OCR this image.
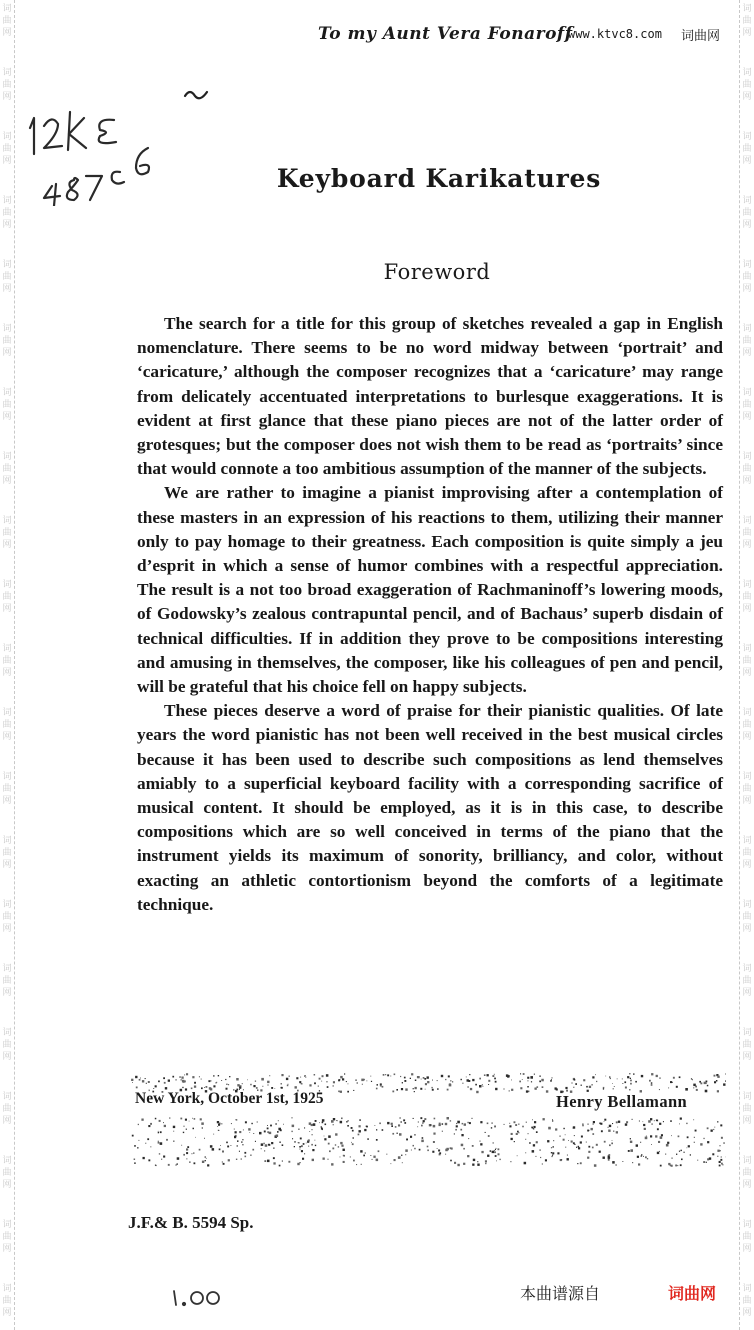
词
曲
网
词
曲
网
词
曲
网
词
曲
网
词
曲
网
词
曲
网
词
曲
网
词
曲
网
词
曲
网
词
曲
网
词
曲
网
词
曲
网
词
曲
网
词
曲
网
词
曲
网
词
曲
网
词
曲
网
词
曲
网
词
曲
网
词
曲
网
词
曲
网
词
曲
网
词
曲
网
词
曲
网
词
曲
网
词
曲
网
词
曲
网
词
曲
网
词
曲
网
词
曲
网
词
曲
网
词
曲
网
词
曲
网
词
曲
网
词
曲
网
词
曲
网
词
曲
网
词
曲
网
词
曲
网
词
曲
网
词
曲
网
词
曲
网
To my Aunt Vera Fonaroff
www.ktvc8.com 词曲网
Keyboard Karikatures
Foreword

The search for a title for this group of sketches revealed a gap in English nomenclature. There seems to be no word midway between ‘portrait’ and ‘caricature,’ although the composer recognizes that a ‘caricature’ may range from delicately accentuated interpretations to burlesque exaggerations. It is evident at first glance that these piano pieces are not of the latter order of grotesques; but the composer does not wish them to be read as ‘portraits’ since that would connote a too ambitious assumption of the manner of the subjects.

We are rather to imagine a pianist improvising after a contemplation of these masters in an expression of his reactions to them, utilizing their manner only to pay homage to their greatness. Each composition is quite simply a jeu d’esprit in which a sense of humor combines with a respectful appreciation. The result is a not too broad exaggeration of Rachmaninoff’s lowering moods, of Godowsky’s zealous contrapuntal pencil, and of Bachaus’ superb disdain of technical difficulties. If in addition they prove to be compositions interesting and amusing in themselves, the composer, like his colleagues of pen and pencil, will be grateful that his choice fell on happy subjects.

These pieces deserve a word of praise for their pianistic qualities. Of late years the word pianistic has not been well received in the best musical circles because it has been used to describe such compositions as lend themselves amiably to a superficial keyboard facility with a corresponding sacrifice of musical content. It should be employed, as it is in this case, to describe compositions which are so well conceived in terms of the piano that the instrument yields its maximum of sonority, brilliancy, and color, without exacting an athletic contortionism beyond the comforts of a legitimate technique.

New York, October 1st, 1925	Henry Bellamann
J.F.& B. 5594 Sp.
本曲谱源自	词曲网
